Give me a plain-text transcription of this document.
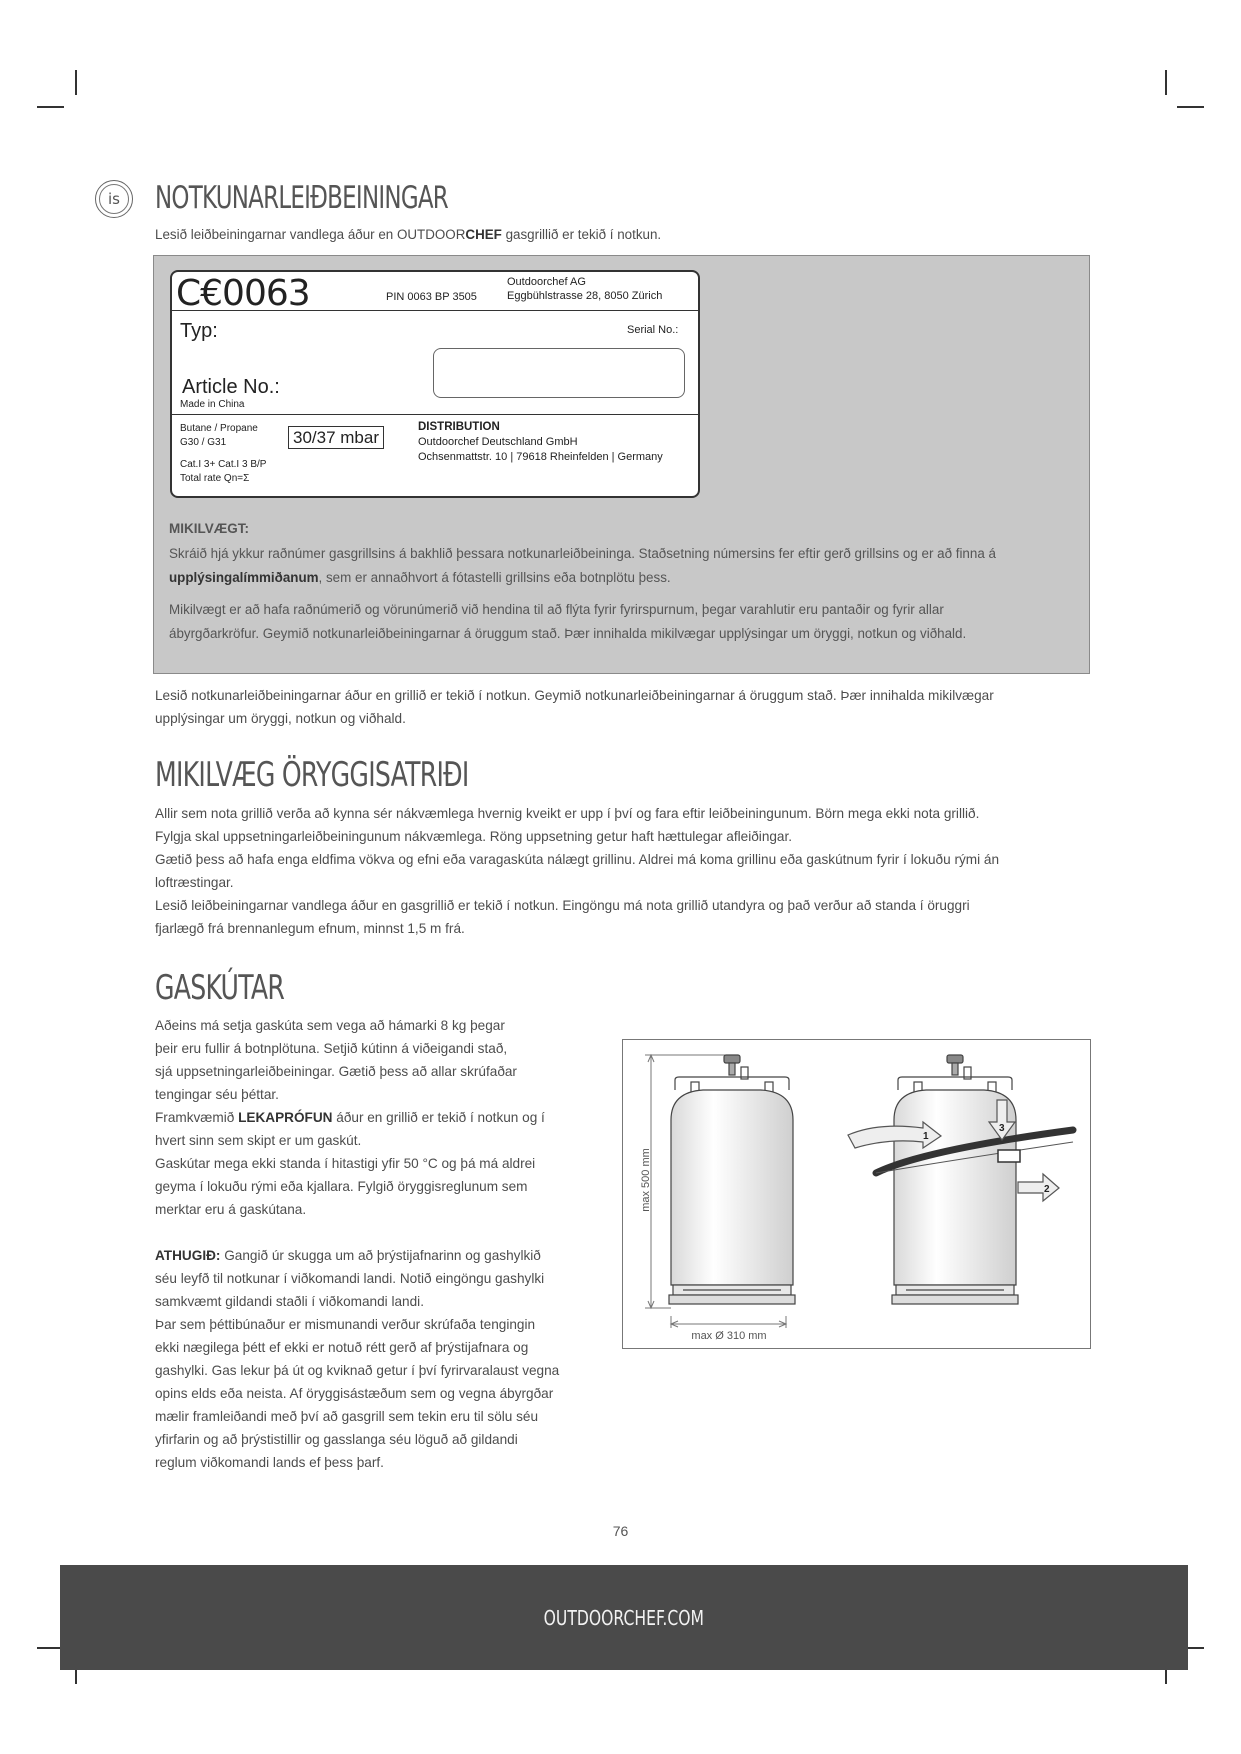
is NOTKUNARLEIÐBEININGAR
Lesið leiðbeiningarnar vandlega áður en OUTDOORCHEF gasgrillið er tekið í notkun.
C€0063	PIN 0063 BP 3505
Outdoorchef AG
Eggbühlstrasse 28, 8050 Zürich
Typ:	Serial No.:
Article No.:
Made in China
Butane / Propane
G30 / G31	30/37 mbar
Cat.I 3+ Cat.I 3 B/P
Total rate Qn=Σ
DISTRIBUTION
Outdoorchef Deutschland GmbH
Ochsenmattstr. 10 | 79618 Rheinfelden | Germany
MIKILVÆGT:
Skráið hjá ykkur raðnúmer gasgrillsins á bakhlið þessara notkunarleiðbeininga. Staðsetning númersins fer eftir gerð grillsins og er að finna á upplýsingalímmiðanum, sem er annaðhvort á fótastelli grillsins eða botnplötu þess.
Mikilvægt er að hafa raðnúmerið og vörunúmerið við hendina til að flýta fyrir fyrirspurnum, þegar varahlutir eru pantaðir og fyrir allar
ábyrgðarkröfur. Geymið notkunarleiðbeiningarnar á öruggum stað. Þær innihalda mikilvægar upplýsingar um öryggi, notkun og viðhald.
Lesið notkunarleiðbeiningarnar áður en grillið er tekið í notkun. Geymið notkunarleiðbeiningarnar á öruggum stað. Þær innihalda mikilvægar
upplýsingar um öryggi, notkun og viðhald.
MIKILVÆG ÖRYGGISATRIÐI
Allir sem nota grillið verða að kynna sér nákvæmlega hvernig kveikt er upp í því og fara eftir leiðbeiningunum. Börn mega ekki nota grillið.
Fylgja skal uppsetningarleiðbeiningunum nákvæmlega. Röng uppsetning getur haft hættulegar afleiðingar.
Gætið þess að hafa enga eldfima vökva og efni eða varagaskúta nálægt grillinu. Aldrei má koma grillinu eða gaskútnum fyrir í lokuðu rými án
loftræstingar.
Lesið leiðbeiningarnar vandlega áður en gasgrillið er tekið í notkun. Eingöngu má nota grillið utandyra og það verður að standa í öruggri
fjarlægð frá brennanlegum efnum, minnst 1,5 m frá.
GASKÚTAR
Aðeins má setja gaskúta sem vega að hámarki 8 kg þegar
þeir eru fullir á botnplötuna. Setjið kútinn á viðeigandi stað,
sjá uppsetningarleiðbeiningar. Gætið þess að allar skrúfaðar
tengingar séu þéttar.
Framkvæmið LEKAPRÓFUN áður en grillið er tekið í notkun og í
hvert sinn sem skipt er um gaskút.
Gaskútar mega ekki standa í hitastigi yfir 50 °C og þá má aldrei
geyma í lokuðu rými eða kjallara. Fylgið öryggisreglunum sem
merktar eru á gaskútana.
ATHUGIÐ: Gangið úr skugga um að þrýstijafnarinn og gashylkið
séu leyfð til notkunar í viðkomandi landi. Notið eingöngu gashylki
samkvæmt gildandi staðli í viðkomandi landi.
Þar sem þéttibúnaður er mismunandi verður skrúfaða tengingin
ekki nægilega þétt ef ekki er notuð rétt gerð af þrýstijafnara og
gashylki. Gas lekur þá út og kviknað getur í því fyrirvaralaust vegna
opins elds eða neista. Af öryggisástæðum sem og vegna ábyrgðar
mælir framleiðandi með því að gasgrill sem tekin eru til sölu séu
yfirfarin og að þrýstistillir og gasslanga séu löguð að gildandi
reglum viðkomandi lands ef þess þarf.
max 500 mm
max Ø 310 mm
1
2
3
76
OUTDOORCHEF.COM
